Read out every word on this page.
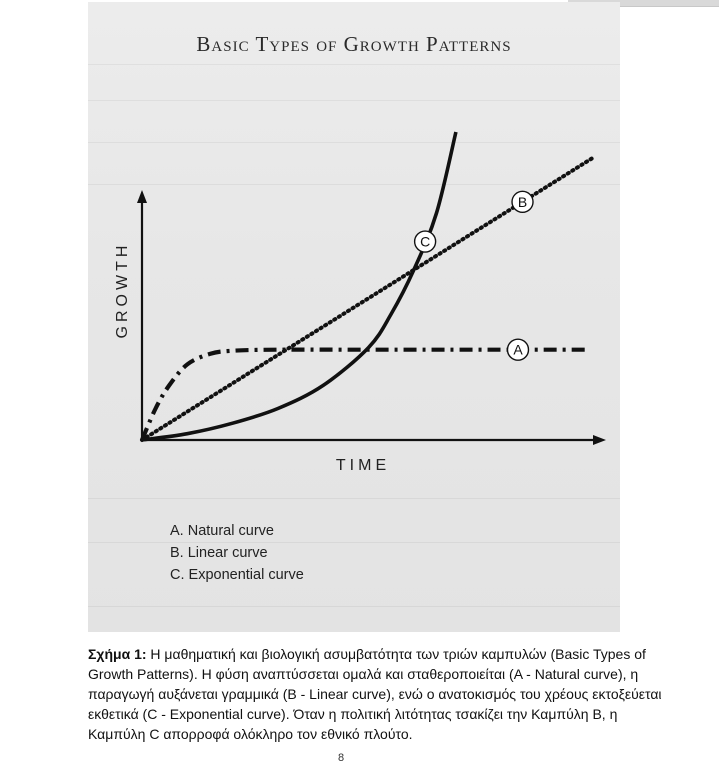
Basic Types of Growth Patterns
TIME
GROWTH
A
B
C
A. Natural curve
B. Linear curve
C. Exponential curve
Σχήμα 1: Η μαθηματική και βιολογική ασυμβατότητα των τριών καμπυλών (Basic Types of Growth Patterns). Η φύση αναπτύσσεται ομαλά και σταθεροποιείται (A - Natural curve), η παραγωγή αυξάνεται γραμμικά (B - Linear curve), ενώ ο ανατοκισμός του χρέους εκτοξεύεται εκθετικά (C - Exponential curve). Όταν η πολιτική λιτότητας τσακίζει την Καμπύλη B, η Καμπύλη C απορροφά ολόκληρο τον εθνικό πλούτο.
8
